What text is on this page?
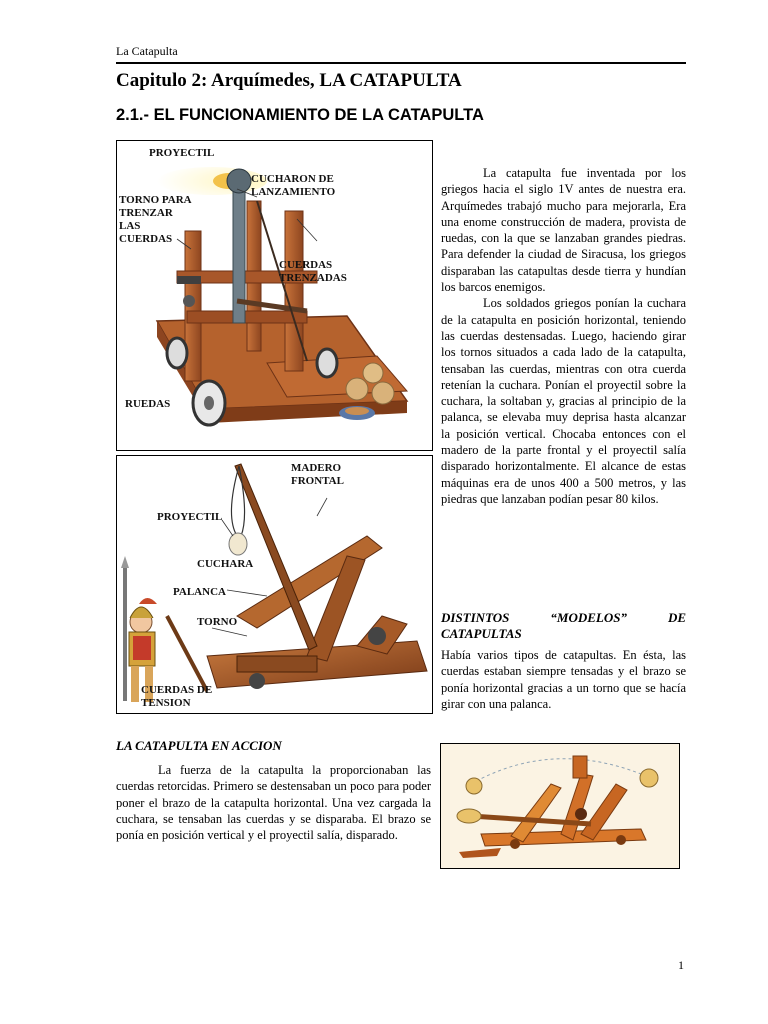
La Catapulta
Capitulo 2: Arquímedes, LA CATAPULTA
2.1.- EL FUNCIONAMIENTO DE LA CATAPULTA
PROYECTIL
CUCHARON DE
LANZAMIENTO
TORNO PARA
TRENZAR
LAS
CUERDAS
CUERDAS
TRENZADAS
RUEDAS
MADERO
FRONTAL
PROYECTIL
CUCHARA
PALANCA
TORNO
CUERDAS DE
TENSION

La catapulta fue inventada por los griegos hacia el siglo 1V antes de nuestra era. Arquímedes trabajó mucho para mejorarla, Era una enome construcción de madera, provista de ruedas, con la que se lanzaban grandes piedras. Para defender la ciudad de Siracusa, los griegos disparaban las catapultas desde tierra y hundían los barcos enemigos.

Los soldados griegos ponían la cuchara de la catapulta en posición horizontal, teniendo las cuerdas destensadas. Luego, haciendo girar los tornos situados a cada lado de la catapulta, tensaban las cuerdas, mientras con otra cuerda retenían la cuchara. Ponían el proyectil sobre la cuchara, la soltaban y, gracias al principio de la palanca, se elevaba muy deprisa hasta alcanzar la posición vertical. Chocaba entonces con el madero de la parte frontal y el proyectil salía disparado horizontalmente. El alcance de estas máquinas era de unos 400 a 500 metros, y las piedras que lanzaban podían pesar 80 kilos.

DISTINTOS “MODELOS” DE CATAPULTAS
Había varios tipos de catapultas. En ésta, las cuerdas estaban siempre tensadas y el brazo se ponía horizontal gracias a un torno que se hacía girar con una palanca.
LA CATAPULTA EN ACCION

La fuerza de la catapulta la proporcionaban las cuerdas retorcidas. Primero se destensaban un poco para poder poner el brazo de la catapulta horizontal. Una vez cargada la cuchara, se tensaban las cuerdas y se disparaba. El brazo se ponía en posición vertical y el proyectil salía, disparado.

1
